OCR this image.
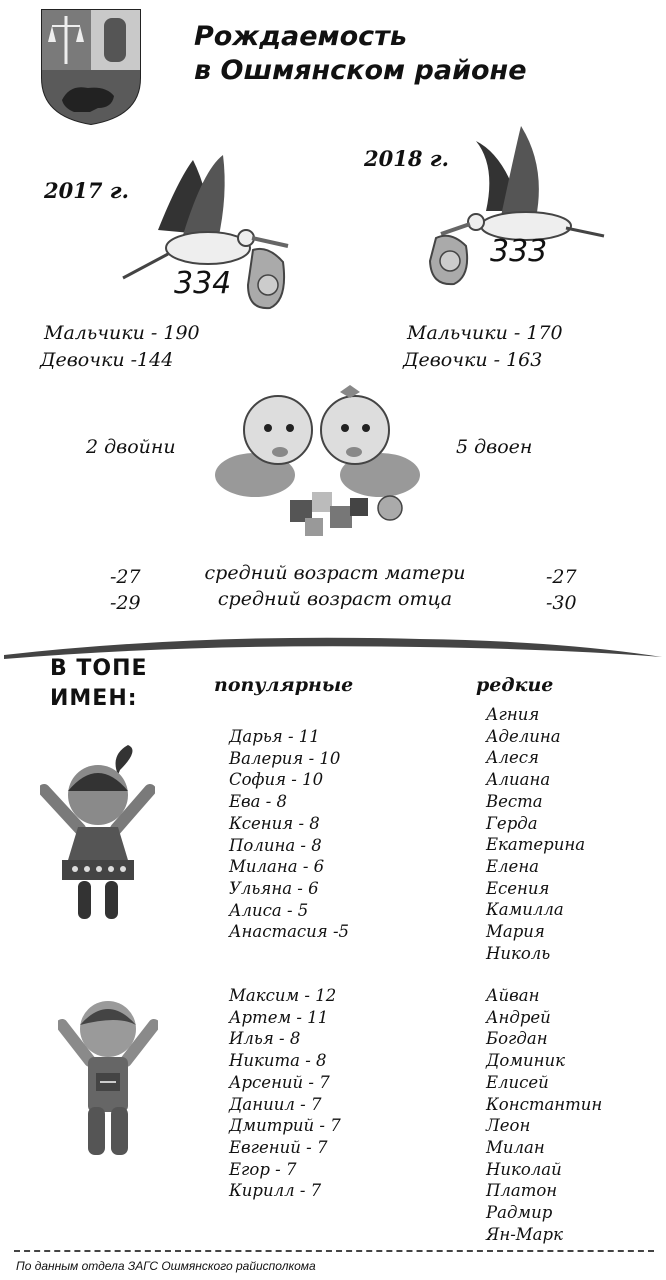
Рождаемость
в Ошмянском районе
2017 г.
334
2018 г.
333
Мальчики - 190
Девочки -144
Мальчики - 170
Девочки - 163
2 двойни	5 двоен
-27
-29
средний возраст матери
средний возраст отца
-27
-30
В ТОПЕ
ИМЕН:
популярные	редкие
Дарья - 11
Валерия - 10
София - 10
Ева - 8
Ксения - 8
Полина - 8
Милана - 6
Ульяна - 6
Алиса - 5
Анастасия -5
Агния
Аделина
Алеся
Алиана
Веста
Герда
Екатерина
Елена
Есения
Камилла
Мария
Николь
Максим - 12
Артем - 11
Илья - 8
Никита - 8
Арсений - 7
Даниил - 7
Дмитрий - 7
Евгений - 7
Егор - 7
Кирилл - 7
Айван
Андрей
Богдан
Доминик
Елисей
Константин
Леон
Милан
Николай
Платон
Радмир
Ян-Марк
По данным отдела ЗАГС Ошмянского райисполкома
